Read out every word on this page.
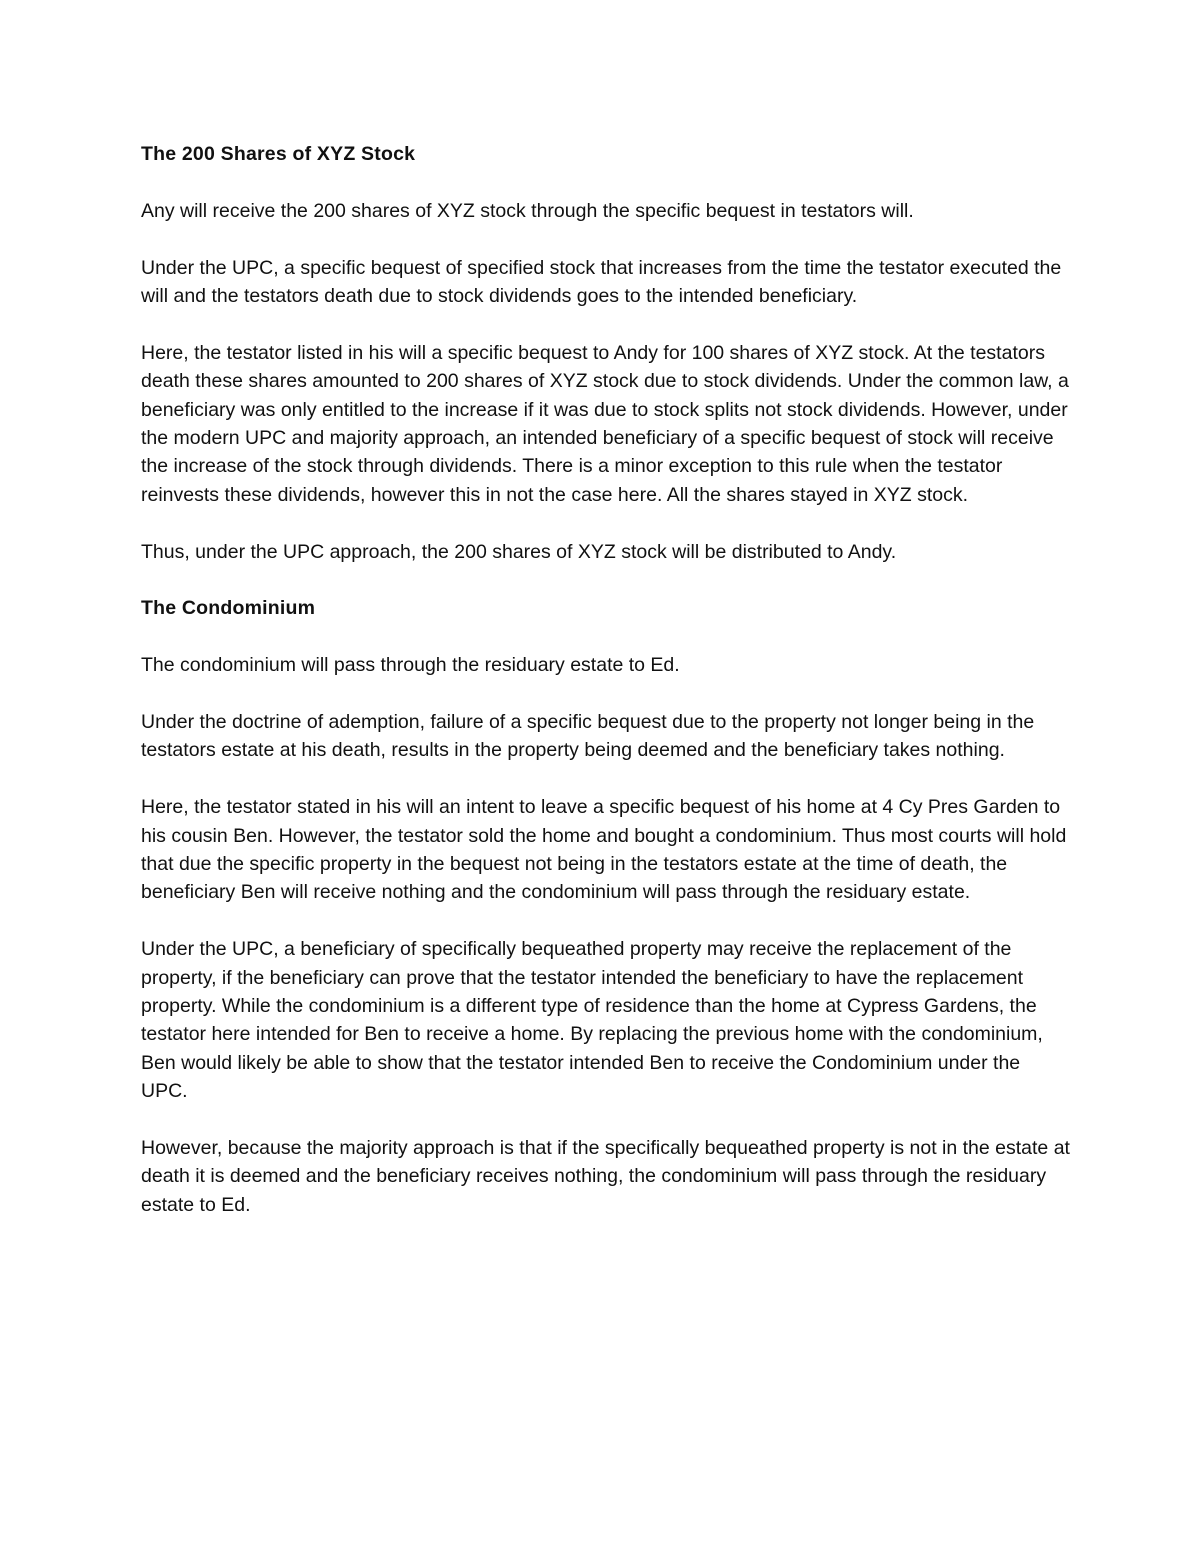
The 200 Shares of XYZ Stock

Any will receive the 200 shares of XYZ stock through the specific bequest in testators will.

Under the UPC, a specific bequest of specified stock that increases from the time the testator executed the will and the testators death due to stock dividends goes to the intended beneficiary.

Here, the testator listed in his will a specific bequest to Andy for 100 shares of XYZ stock. At the testators death these shares amounted to 200 shares of XYZ stock due to stock dividends. Under the common law, a beneficiary was only entitled to the increase if it was due to stock splits not stock dividends. However, under the modern UPC and majority approach, an intended beneficiary of a specific bequest of stock will receive the increase of the stock through dividends. There is a minor exception to this rule when the testator reinvests these dividends, however this in not the case here. All the shares stayed in XYZ stock.

Thus, under the UPC approach, the 200 shares of XYZ stock will be distributed to Andy.

The Condominium

The condominium will pass through the residuary estate to Ed.

Under the doctrine of ademption, failure of a specific bequest due to the property not longer being in the testators estate at his death, results in the property being deemed and the beneficiary takes nothing.

Here, the testator stated in his will an intent to leave a specific bequest of his home at 4 Cy Pres Garden to his cousin Ben. However, the testator sold the home and bought a condominium. Thus most courts will hold that due the specific property in the bequest not being in the testators estate at the time of death, the beneficiary Ben will receive nothing and the condominium will pass through the residuary estate.

Under the UPC, a beneficiary of specifically bequeathed property may receive the replacement of the property, if the beneficiary can prove that the testator intended the beneficiary to have the replacement property. While the condominium is a different type of residence than the home at Cypress Gardens, the testator here intended for Ben to receive a home. By replacing the previous home with the condominium, Ben would likely be able to show that the testator intended Ben to receive the Condominium under the UPC.

However, because the majority approach is that if the specifically bequeathed property is not in the estate at death it is deemed and the beneficiary receives nothing, the condominium will pass through the residuary estate to Ed.
